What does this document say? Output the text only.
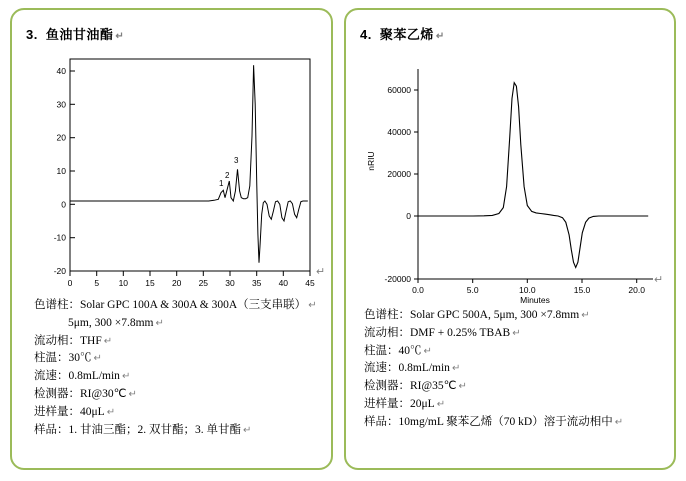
3. 鱼油甘油酯 ↵
-20
-10
0
10
20
30
40
0	5 10 15 20 25 30 35 40 45
1
2
3
↵
色谱柱：Solar GPC 100A & 300A & 300A（三支串联） ↵
5μm, 300 ×7.8mm ↵
流动相：THF ↵
柱温：30℃ ↵
流速：0.8mL/min ↵
检测器：RI@30℃ ↵
进样量：40μL ↵
样品：1. 甘油三酯；2. 双甘酯；3. 单甘酯 ↵
4. 聚苯乙烯 ↵
-20000
0
20000
40000
60000
nRIU
0.0	5.0	10.0	15.0	20.0
Minutes
↵
色谱柱：Solar GPC 500A, 5μm, 300 ×7.8mm ↵
流动相：DMF + 0.25% TBAB ↵
柱温：40℃ ↵
流速：0.8mL/min ↵
检测器：RI@35℃ ↵
进样量：20μL ↵
样品：10mg/mL 聚苯乙烯（70 kD）溶于流动相中 ↵
